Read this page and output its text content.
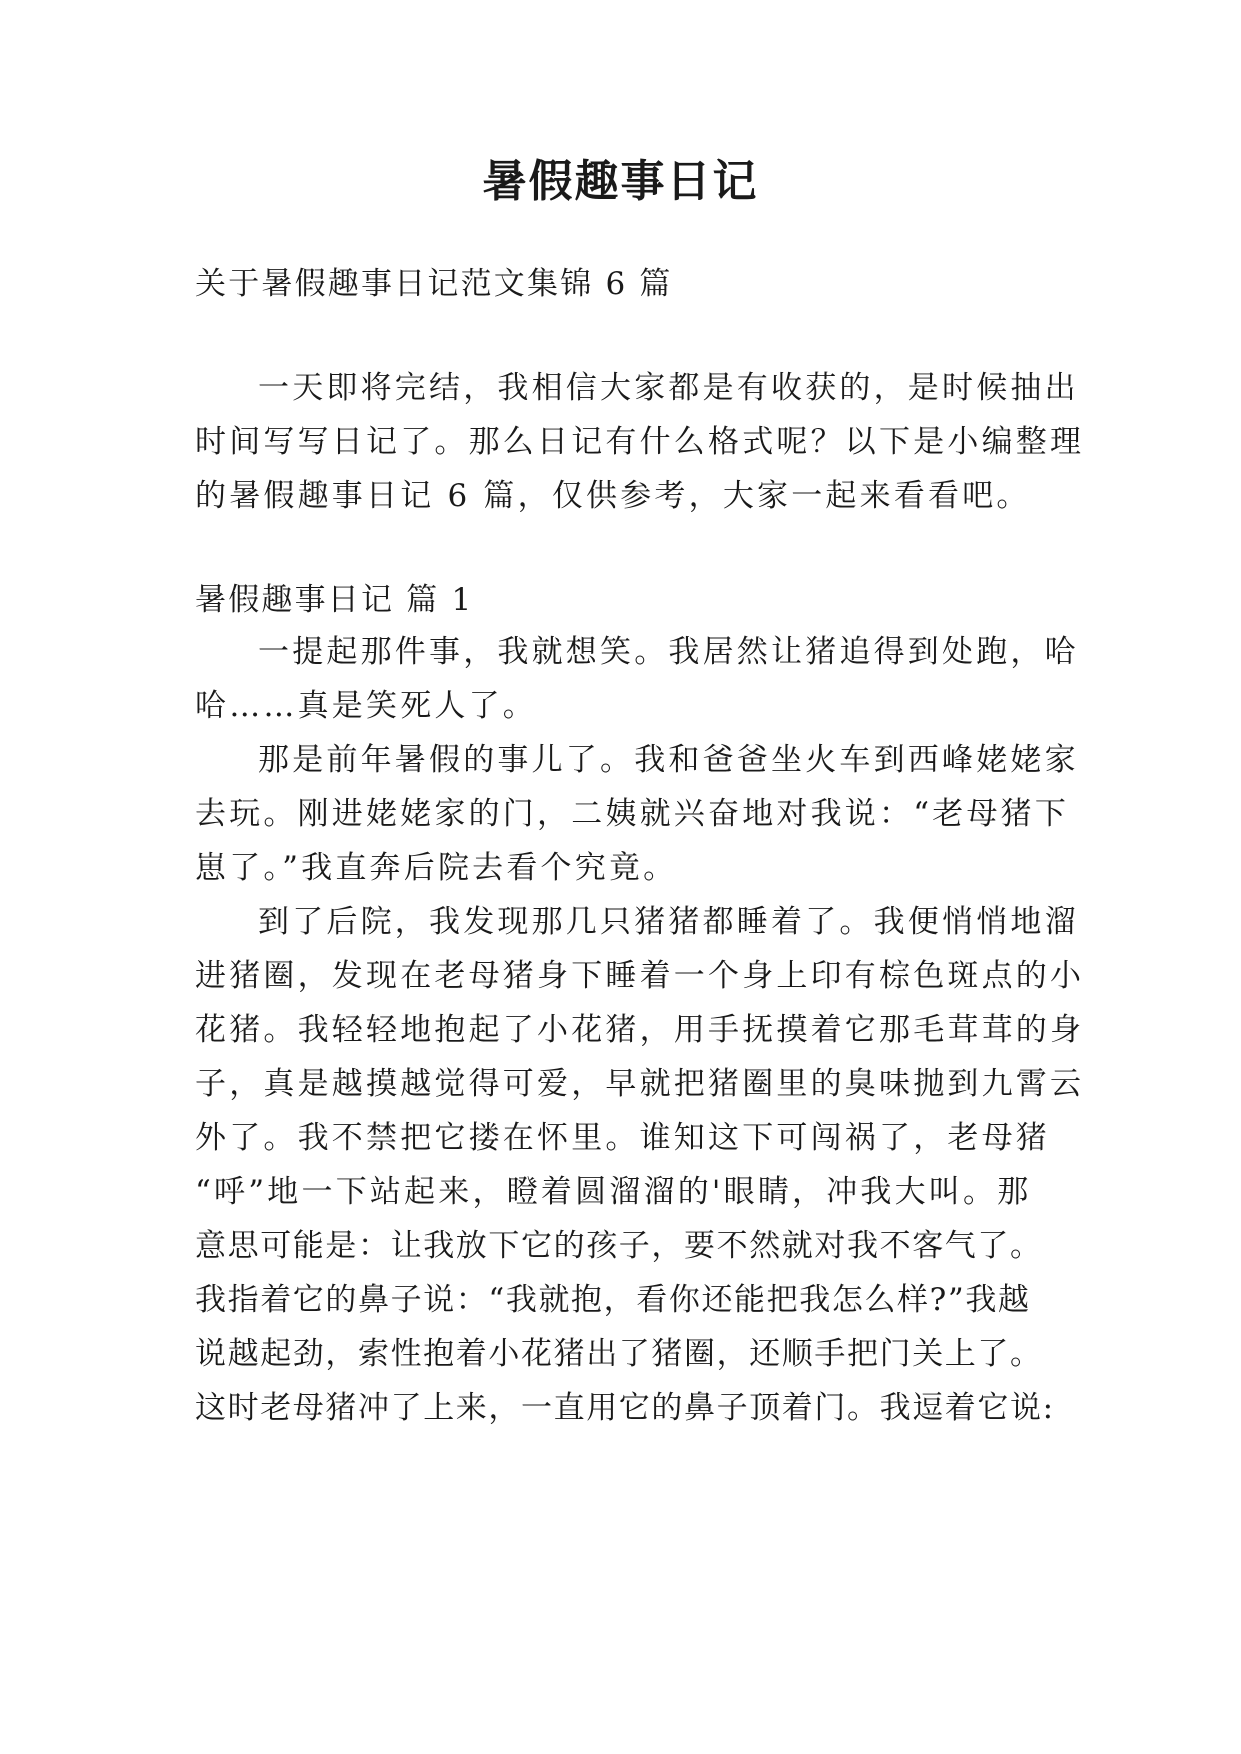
暑假趣事日记

关于暑假趣事日记范文集锦 6 篇

一天即将完结，我相信大家都是有收获的，是时候抽出

时间写写日记了。那么日记有什么格式呢？以下是小编整理

的暑假趣事日记 6 篇，仅供参考，大家一起来看看吧。

暑假趣事日记 篇 1

一提起那件事，我就想笑。我居然让猪追得到处跑，哈

哈……真是笑死人了。

那是前年暑假的事儿了。我和爸爸坐火车到西峰姥姥家

去玩。刚进姥姥家的门，二姨就兴奋地对我说：“老母猪下

崽了。”我直奔后院去看个究竟。

到了后院，我发现那几只猪猪都睡着了。我便悄悄地溜

进猪圈，发现在老母猪身下睡着一个身上印有棕色斑点的小

花猪。我轻轻地抱起了小花猪，用手抚摸着它那毛茸茸的身

子，真是越摸越觉得可爱，早就把猪圈里的臭味抛到九霄云

外了。我不禁把它搂在怀里。谁知这下可闯祸了，老母猪

“呼”地一下站起来，瞪着圆溜溜的'眼睛，冲我大叫。那

意思可能是：让我放下它的孩子，要不然就对我不客气了。

我指着它的鼻子说：“我就抱，看你还能把我怎么样?”我越

说越起劲，索性抱着小花猪出了猪圈，还顺手把门关上了。

这时老母猪冲了上来，一直用它的鼻子顶着门。我逗着它说:
